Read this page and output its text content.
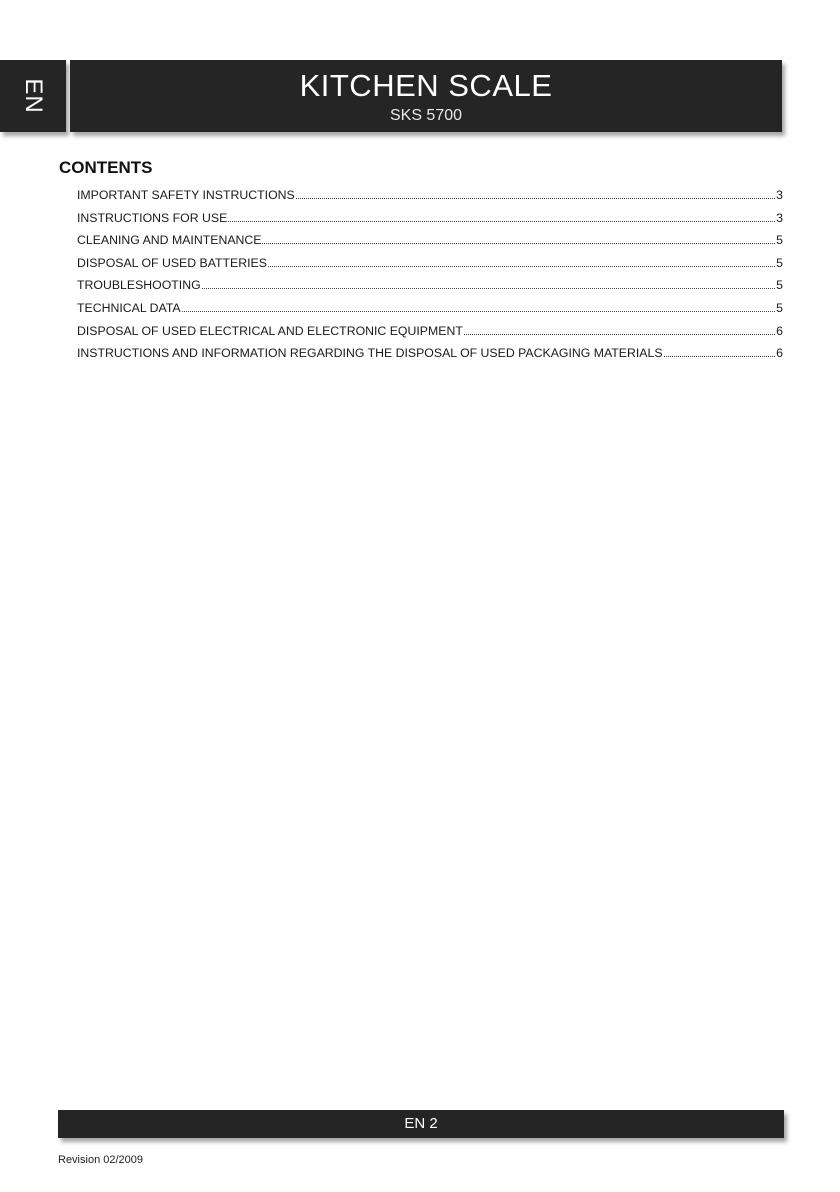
EN	KITCHEN SCALE
SKS 5700
CONTENTS
IMPORTANT SAFETY INSTRUCTIONS	3
INSTRUCTIONS FOR USE	3
CLEANING AND MAINTENANCE	5
DISPOSAL OF USED BATTERIES	5
TROUBLESHOOTING	5
TECHNICAL DATA	5
DISPOSAL OF USED ELECTRICAL AND ELECTRONIC EQUIPMENT	6
INSTRUCTIONS AND INFORMATION REGARDING THE DISPOSAL OF USED PACKAGING MATERIALS	6
EN 2
Revision 02/2009
